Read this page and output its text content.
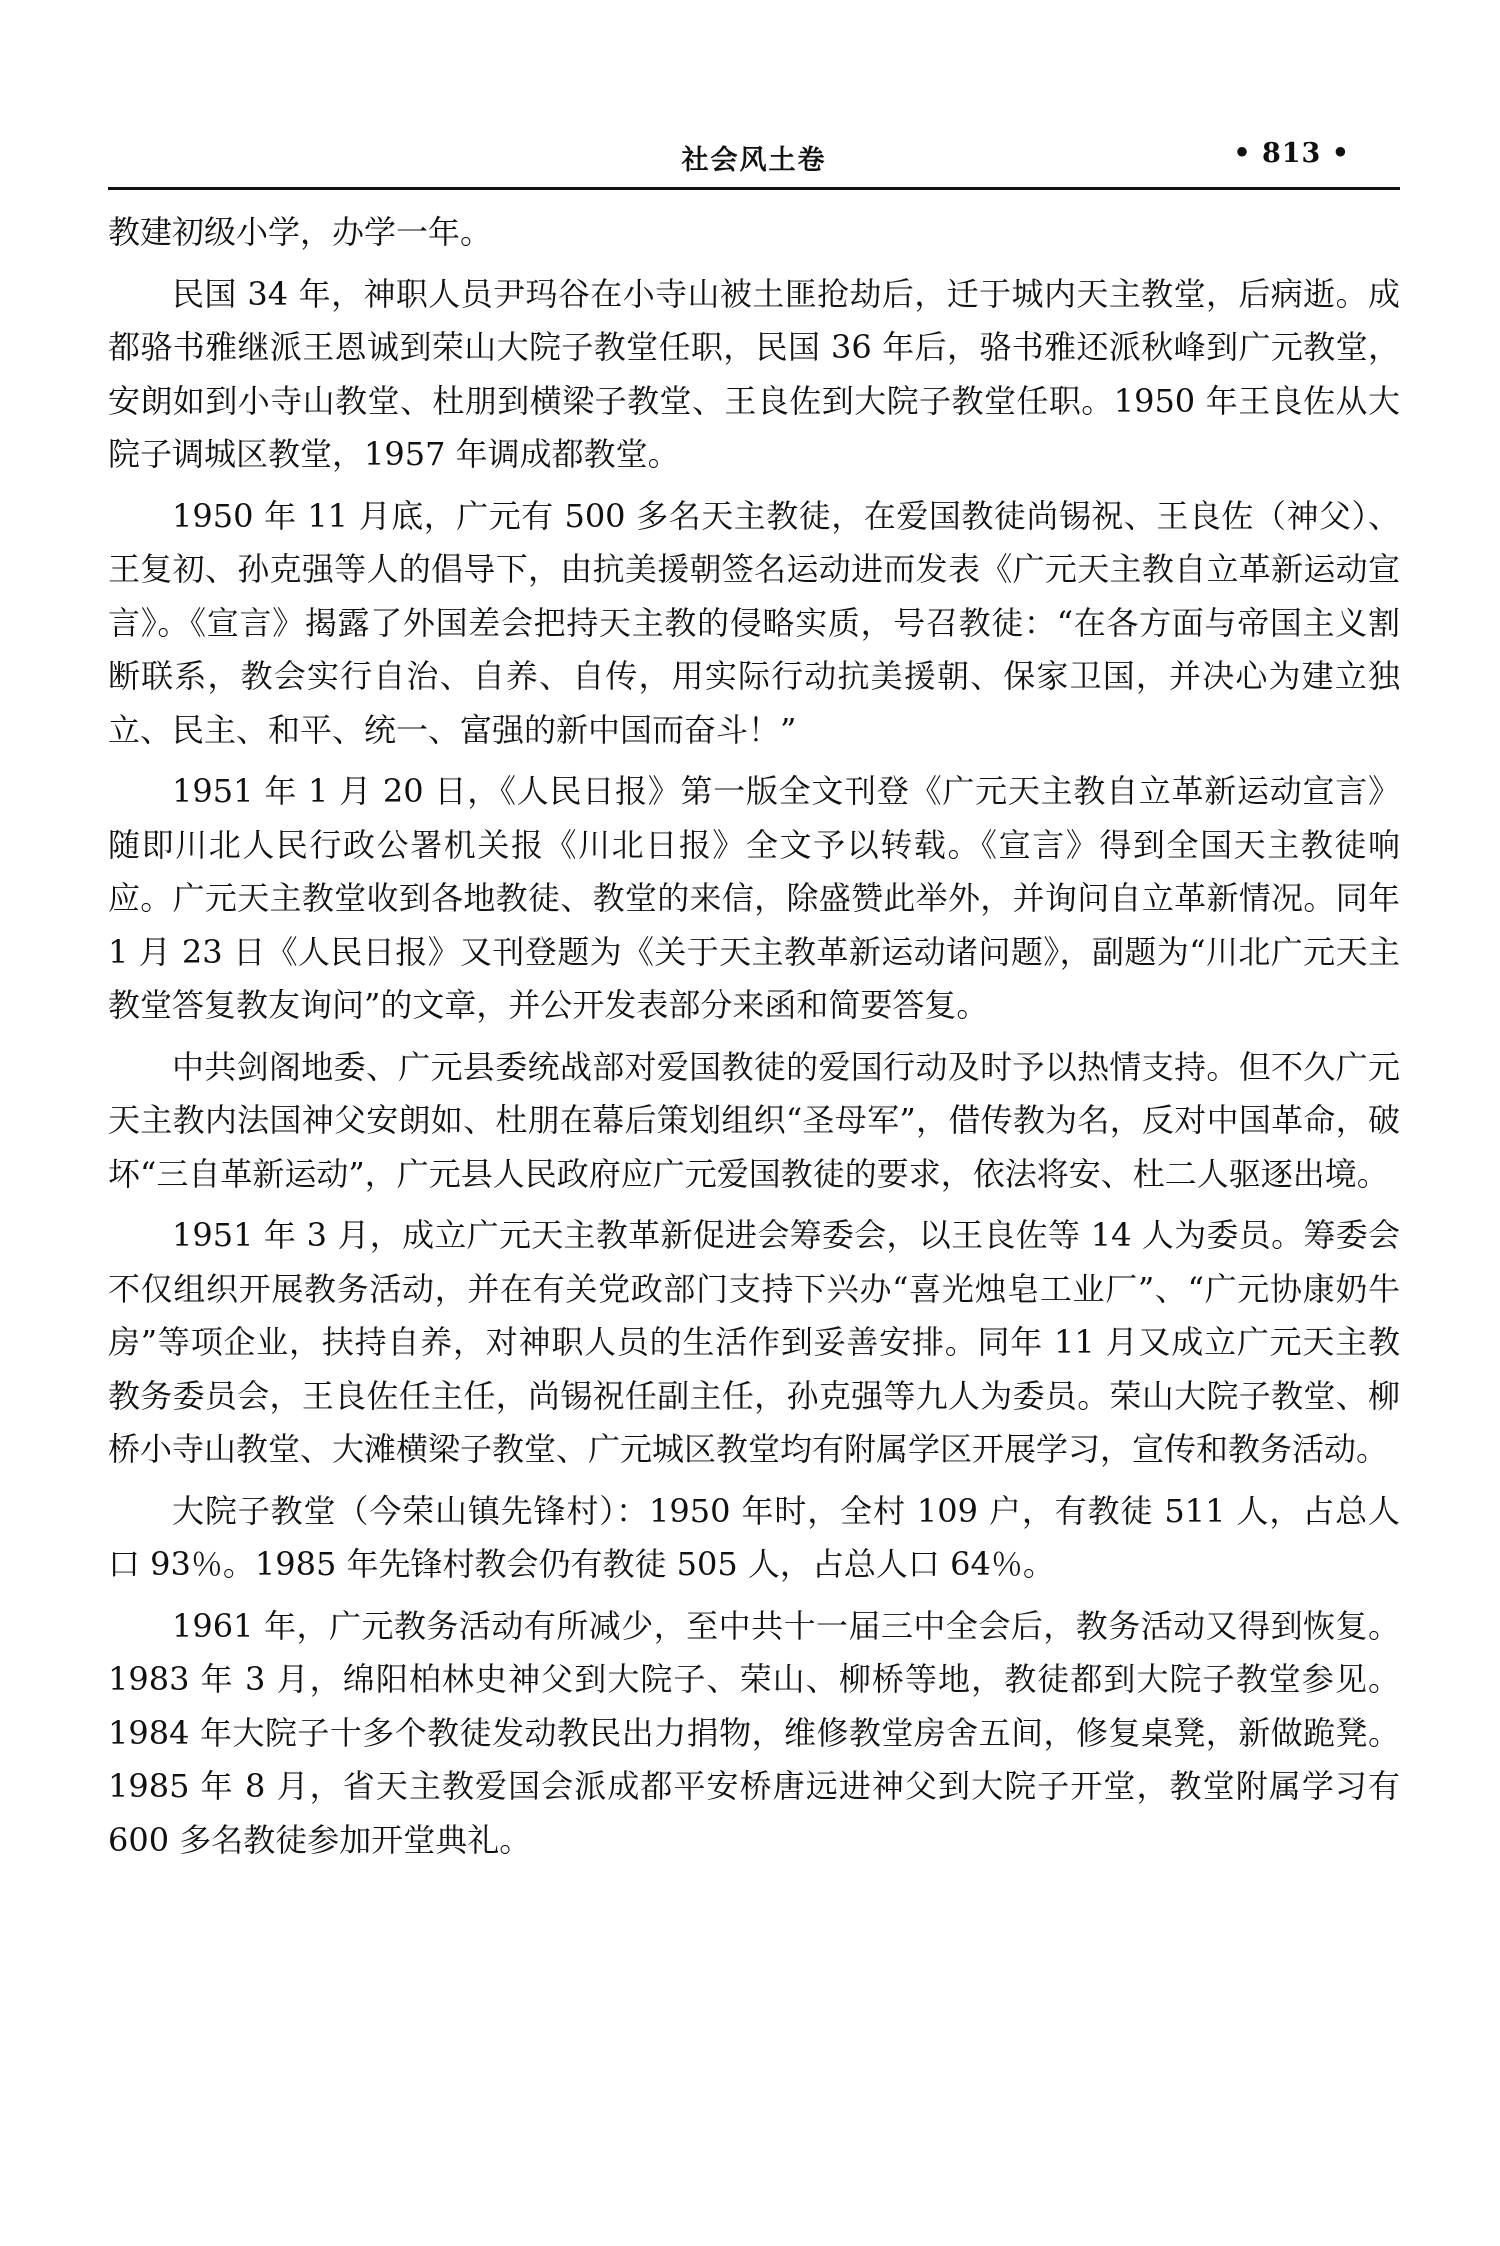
社会风土卷	• 813 •

教建初级小学，办学一年。

民国 34 年，神职人员尹玛谷在小寺山被土匪抢劫后，迁于城内天主教堂，后病逝。成都骆书雅继派王恩诚到荣山大院子教堂任职，民国 36 年后，骆书雅还派秋峰到广元教堂，安朗如到小寺山教堂、杜朋到横梁子教堂、王良佐到大院子教堂任职。1950 年王良佐从大院子调城区教堂，1957 年调成都教堂。

1950 年 11 月底，广元有 500 多名天主教徒，在爱国教徒尚锡祝、王良佐（神父）、王复初、孙克强等人的倡导下，由抗美援朝签名运动进而发表《广元天主教自立革新运动宣言》。《宣言》揭露了外国差会把持天主教的侵略实质，号召教徒：“在各方面与帝国主义割断联系，教会实行自治、自养、自传，用实际行动抗美援朝、保家卫国，并决心为建立独立、民主、和平、统一、富强的新中国而奋斗！”

1951 年 1 月 20 日，《人民日报》第一版全文刊登《广元天主教自立革新运动宣言》随即川北人民行政公署机关报《川北日报》全文予以转载。《宣言》得到全国天主教徒响应。广元天主教堂收到各地教徒、教堂的来信，除盛赞此举外，并询问自立革新情况。同年 1 月 23 日《人民日报》又刊登题为《关于天主教革新运动诸问题》，副题为“川北广元天主教堂答复教友询问”的文章，并公开发表部分来函和简要答复。

中共剑阁地委、广元县委统战部对爱国教徒的爱国行动及时予以热情支持。但不久广元天主教内法国神父安朗如、杜朋在幕后策划组织“圣母军”，借传教为名，反对中国革命，破坏“三自革新运动”，广元县人民政府应广元爱国教徒的要求，依法将安、杜二人驱逐出境。

1951 年 3 月，成立广元天主教革新促进会筹委会，以王良佐等 14 人为委员。筹委会不仅组织开展教务活动，并在有关党政部门支持下兴办“喜光烛皂工业厂”、“广元协康奶牛房”等项企业，扶持自养，对神职人员的生活作到妥善安排。同年 11 月又成立广元天主教教务委员会，王良佐任主任，尚锡祝任副主任，孙克强等九人为委员。荣山大院子教堂、柳桥小寺山教堂、大滩横梁子教堂、广元城区教堂均有附属学区开展学习，宣传和教务活动。

大院子教堂（今荣山镇先锋村）：1950 年时，全村 109 户，有教徒 511 人，占总人口 93％。1985 年先锋村教会仍有教徒 505 人，占总人口 64％。

1961 年，广元教务活动有所减少，至中共十一届三中全会后，教务活动又得到恢复。1983 年 3 月，绵阳柏林史神父到大院子、荣山、柳桥等地，教徒都到大院子教堂参见。1984 年大院子十多个教徒发动教民出力捐物，维修教堂房舍五间，修复桌凳，新做跪凳。1985 年 8 月，省天主教爱国会派成都平安桥唐远进神父到大院子开堂，教堂附属学习有 600 多名教徒参加开堂典礼。
